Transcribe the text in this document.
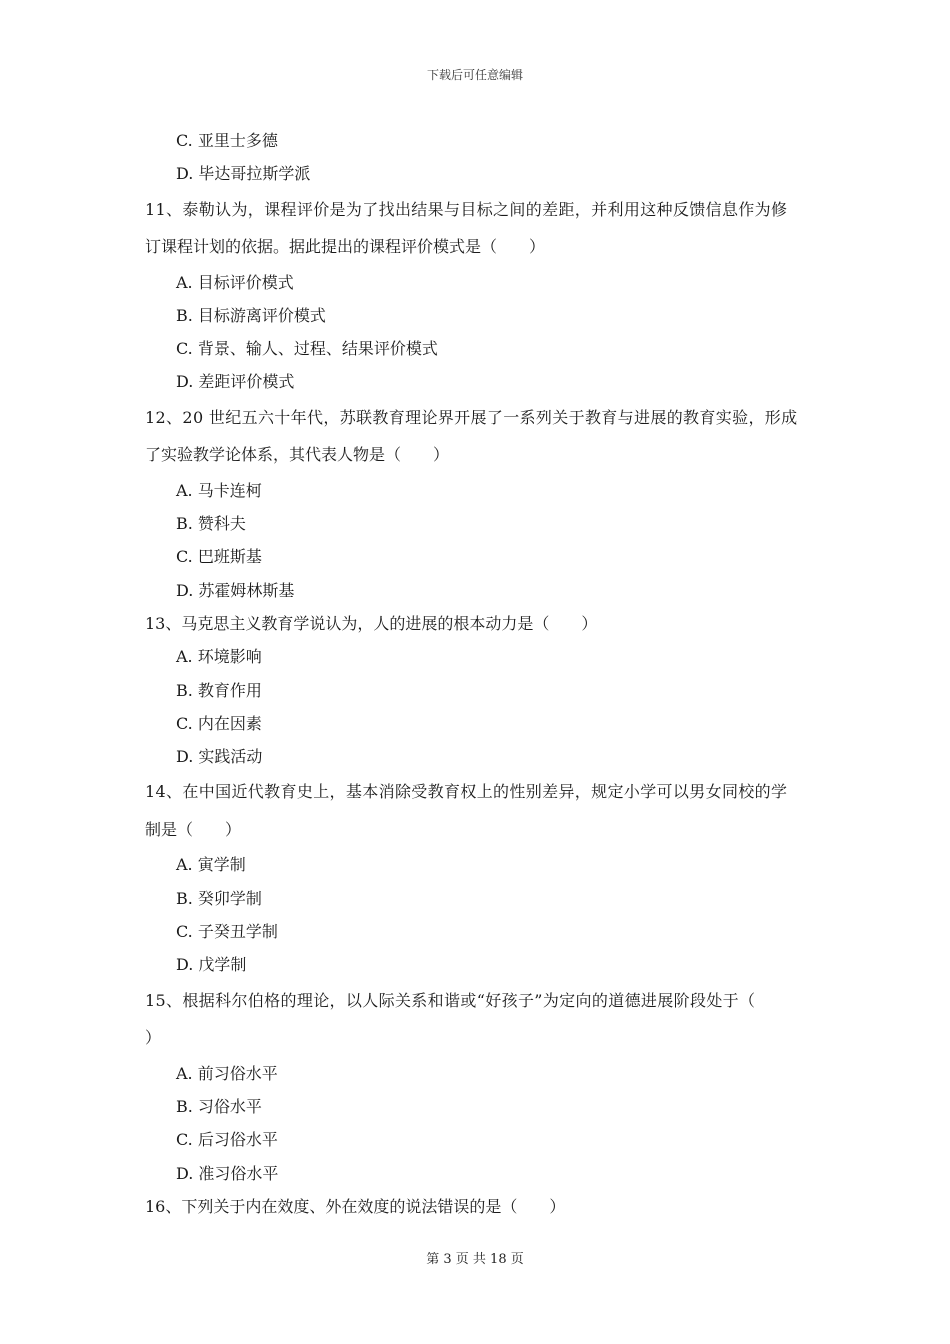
下载后可任意编辑
C. 亚里士多德
D. 毕达哥拉斯学派
11、泰勒认为，课程评价是为了找出结果与目标之间的差距，并利用这种反馈信息作为修
订课程计划的依据。据此提出的课程评价模式是（　　）
A. 目标评价模式
B. 目标游离评价模式
C. 背景、输人、过程、结果评价模式
D. 差距评价模式
12、20 世纪五六十年代，苏联教育理论界开展了一系列关于教育与进展的教育实验，形成
了实验教学论体系，其代表人物是（　　）
A. 马卡连柯
B. 赞科夫
C. 巴班斯基
D. 苏霍姆林斯基
13、马克思主义教育学说认为，人的进展的根本动力是（　　）
A. 环境影响
B. 教育作用
C. 内在因素
D. 实践活动
14、在中国近代教育史上，基本消除受教育权上的性别差异，规定小学可以男女同校的学
制是（　　）
A. 寅学制
B. 癸卯学制
C. 子癸丑学制
D. 戊学制
15、根据科尔伯格的理论，以人际关系和谐或“好孩子”为定向的道德进展阶段处于（
）
A. 前习俗水平
B. 习俗水平
C. 后习俗水平
D. 准习俗水平
16、下列关于内在效度、外在效度的说法错误的是（　　）
第 3 页 共 18 页
